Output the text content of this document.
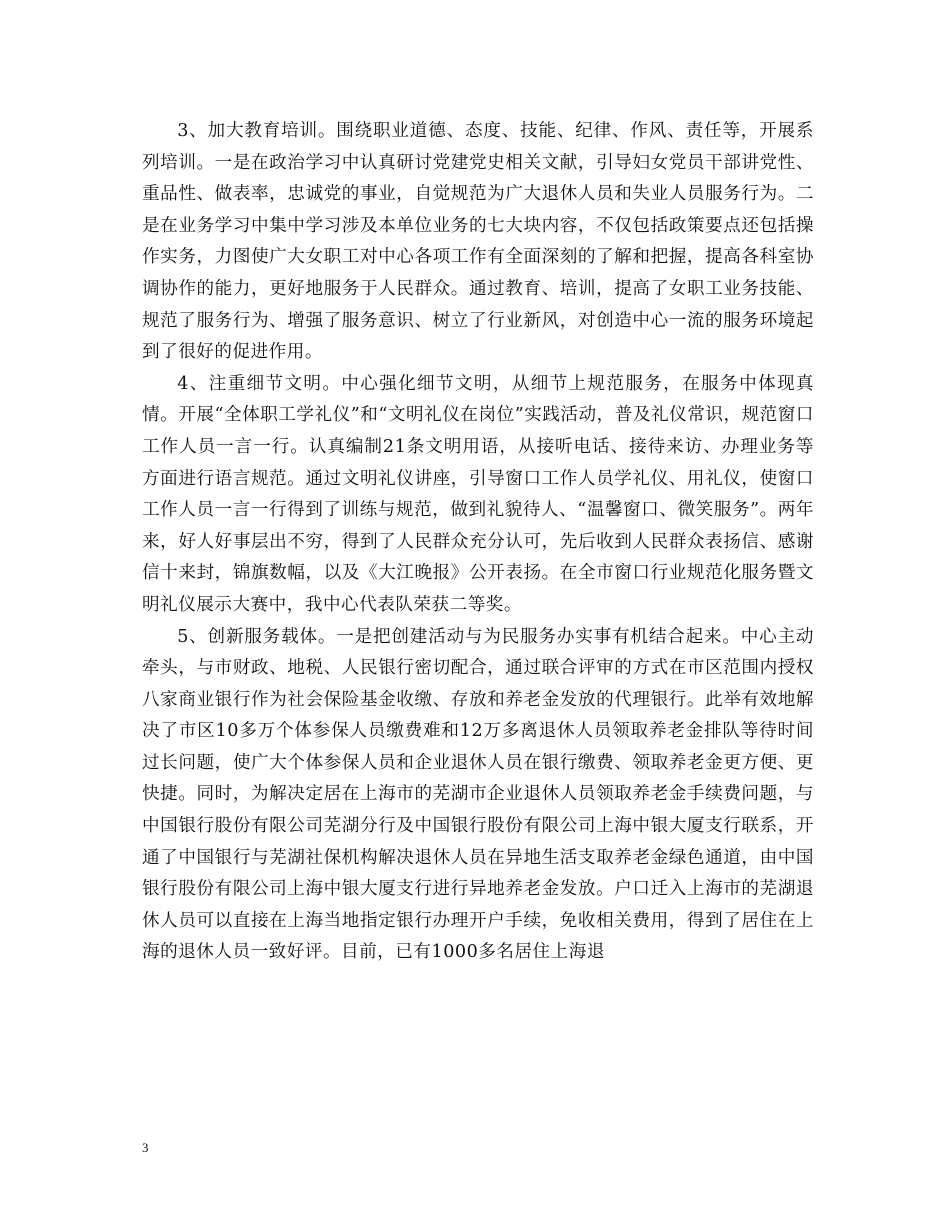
3、加大教育培训。围绕职业道德、态度、技能、纪律、作风、责任等，开展系列培训。一是在政治学习中认真研讨党建党史相关文献，引导妇女党员干部讲党性、重品性、做表率，忠诚党的事业，自觉规范为广大退休人员和失业人员服务行为。二是在业务学习中集中学习涉及本单位业务的七大块内容，不仅包括政策要点还包括操作实务，力图使广大女职工对中心各项工作有全面深刻的了解和把握，提高各科室协调协作的能力，更好地服务于人民群众。通过教育、培训，提高了女职工业务技能、规范了服务行为、增强了服务意识、树立了行业新风，对创造中心一流的服务环境起到了很好的促进作用。

4、注重细节文明。中心强化细节文明，从细节上规范服务，在服务中体现真情。开展“全体职工学礼仪”和“文明礼仪在岗位”实践活动，普及礼仪常识，规范窗口工作人员一言一行。认真编制21条文明用语，从接听电话、接待来访、办理业务等方面进行语言规范。通过文明礼仪讲座，引导窗口工作人员学礼仪、用礼仪，使窗口工作人员一言一行得到了训练与规范，做到礼貌待人、“温馨窗口、微笑服务”。两年来，好人好事层出不穷，得到了人民群众充分认可，先后收到人民群众表扬信、感谢信十来封，锦旗数幅，以及《大江晚报》公开表扬。在全市窗口行业规范化服务暨文明礼仪展示大赛中，我中心代表队荣获二等奖。

5、创新服务载体。一是把创建活动与为民服务办实事有机结合起来。中心主动牵头，与市财政、地税、人民银行密切配合，通过联合评审的方式在市区范围内授权八家商业银行作为社会保险基金收缴、存放和养老金发放的代理银行。此举有效地解决了市区10多万个体参保人员缴费难和12万多离退休人员领取养老金排队等待时间过长问题，使广大个体参保人员和企业退休人员在银行缴费、领取养老金更方便、更快捷。同时，为解决定居在上海市的芜湖市企业退休人员领取养老金手续费问题，与中国银行股份有限公司芜湖分行及中国银行股份有限公司上海中银大厦支行联系，开通了中国银行与芜湖社保机构解决退休人员在异地生活支取养老金绿色通道，由中国银行股份有限公司上海中银大厦支行进行异地养老金发放。户口迁入上海市的芜湖退休人员可以直接在上海当地指定银行办理开户手续，免收相关费用，得到了居住在上海的退休人员一致好评。目前，已有1000多名居住上海退

3
